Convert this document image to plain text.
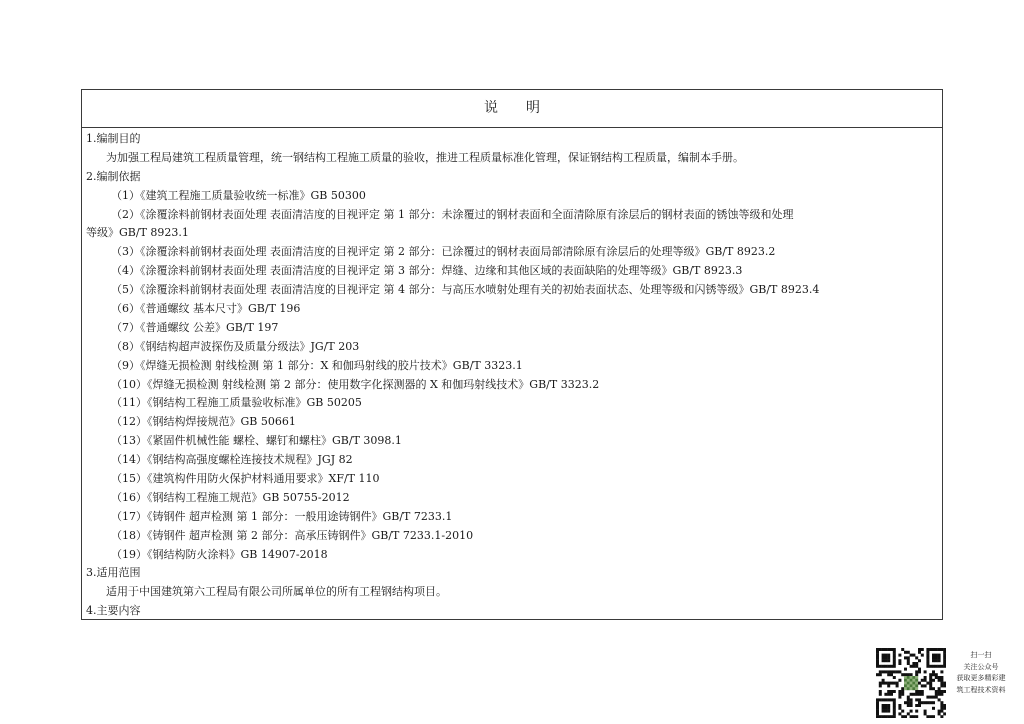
说 明
1.编制目的
为加强工程局建筑工程质量管理，统一钢结构工程施工质量的验收，推进工程质量标准化管理，保证钢结构工程质量，编制本手册。
2.编制依据
（1）《建筑工程施工质量验收统一标准》GB 50300
（2）《涂覆涂料前钢材表面处理 表面清洁度的目视评定 第 1 部分：未涂覆过的钢材表面和全面清除原有涂层后的钢材表面的锈蚀等级和处理
等级》GB/T 8923.1
（3）《涂覆涂料前钢材表面处理 表面清洁度的目视评定 第 2 部分：已涂覆过的钢材表面局部清除原有涂层后的处理等级》GB/T 8923.2
（4）《涂覆涂料前钢材表面处理 表面清洁度的目视评定 第 3 部分：焊缝、边缘和其他区域的表面缺陷的处理等级》GB/T 8923.3
（5）《涂覆涂料前钢材表面处理 表面清洁度的目视评定 第 4 部分：与高压水喷射处理有关的初始表面状态、处理等级和闪锈等级》GB/T 8923.4
（6）《普通螺纹 基本尺寸》GB/T 196
（7）《普通螺纹 公差》GB/T 197
（8）《钢结构超声波探伤及质量分级法》JG/T 203
（9）《焊缝无损检测 射线检测 第 1 部分：X 和伽玛射线的胶片技术》GB/T 3323.1
（10）《焊缝无损检测 射线检测 第 2 部分：使用数字化探测器的 X 和伽玛射线技术》GB/T 3323.2
（11）《钢结构工程施工质量验收标准》GB 50205
（12）《钢结构焊接规范》GB 50661
（13）《紧固件机械性能 螺栓、螺钉和螺柱》GB/T 3098.1
（14）《钢结构高强度螺栓连接技术规程》JGJ 82
（15）《建筑构件用防火保护材料通用要求》XF/T 110
（16）《钢结构工程施工规范》GB 50755-2012
（17）《铸钢件 超声检测 第 1 部分：一般用途铸钢件》GB/T 7233.1
（18）《铸钢件 超声检测 第 2 部分：高承压铸钢件》GB/T 7233.1-2010
（19）《钢结构防火涂料》GB 14907-2018
3.适用范围
适用于中国建筑第六工程局有限公司所属单位的所有工程钢结构项目。
4.主要内容
扫一扫
关注公众号
获取更多精彩建
筑工程技术资料
